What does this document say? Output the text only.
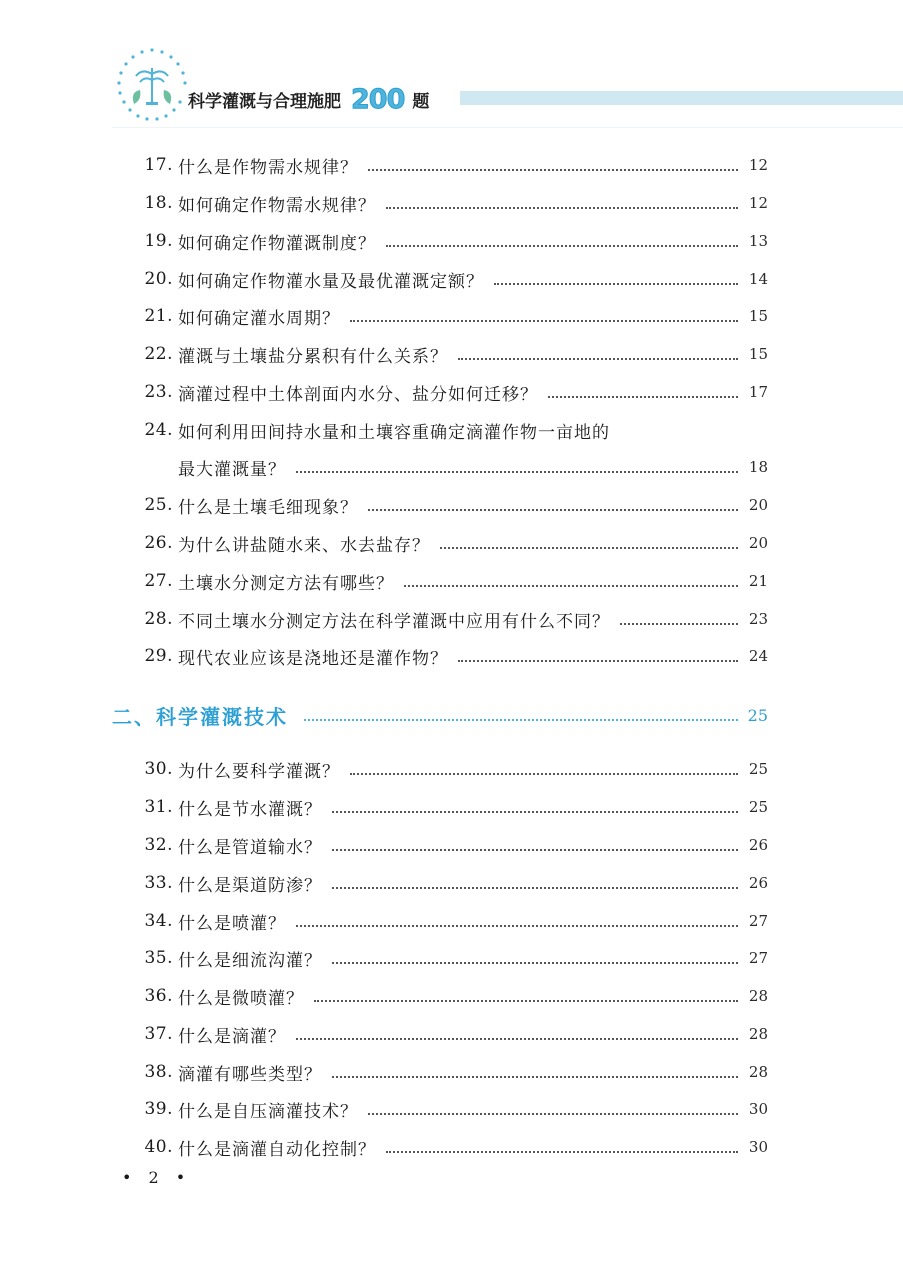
科学灌溉与合理施肥 200 题
17. 什么是作物需水规律？	12
18. 如何确定作物需水规律？	12
19. 如何确定作物灌溉制度？	13
20. 如何确定作物灌水量及最优灌溉定额？	14
21. 如何确定灌水周期？	15
22. 灌溉与土壤盐分累积有什么关系？	15
23. 滴灌过程中土体剖面内水分、盐分如何迁移？	17
24. 如何利用田间持水量和土壤容重确定滴灌作物一亩地的
最大灌溉量？	18
25. 什么是土壤毛细现象？	20
26. 为什么讲盐随水来、水去盐存？	20
27. 土壤水分测定方法有哪些？	21
28. 不同土壤水分测定方法在科学灌溉中应用有什么不同？	23
29. 现代农业应该是浇地还是灌作物？	24
二、科学灌溉技术	25
30. 为什么要科学灌溉？	25
31. 什么是节水灌溉？	25
32. 什么是管道输水？	26
33. 什么是渠道防渗？	26
34. 什么是喷灌？	27
35. 什么是细流沟灌？	27
36. 什么是微喷灌？	28
37. 什么是滴灌？	28
38. 滴灌有哪些类型？	28
39. 什么是自压滴灌技术？	30
40. 什么是滴灌自动化控制？	30
• 2 •
